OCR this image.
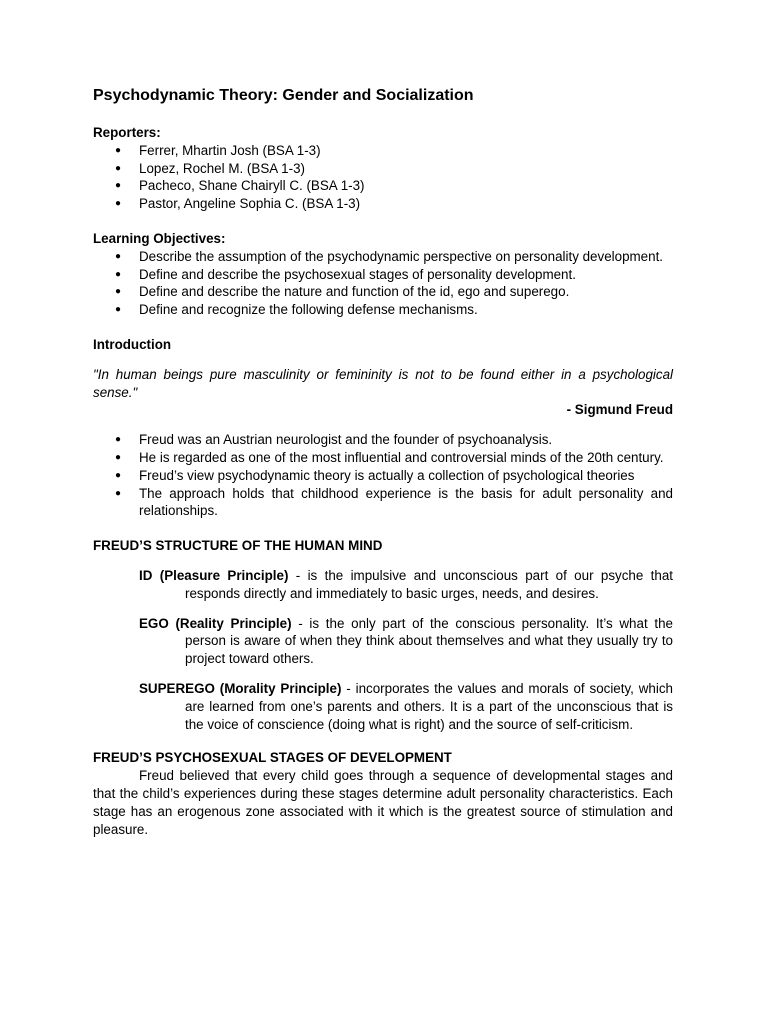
Psychodynamic Theory: Gender and Socialization

Reporters:

● Ferrer, Mhartin Josh (BSA 1-3)
● Lopez, Rochel M. (BSA 1-3)
● Pacheco, Shane Chairyll C. (BSA 1-3)
● Pastor, Angeline Sophia C. (BSA 1-3)

Learning Objectives:

● Describe the assumption of the psychodynamic perspective on personality development.
● Define and describe the psychosexual stages of personality development.
● Define and describe the nature and function of the id, ego and superego.
● Define and recognize the following defense mechanisms.

Introduction

"In human beings pure masculinity or femininity is not to be found either in a psychological sense."

- Sigmund Freud

● Freud was an Austrian neurologist and the founder of psychoanalysis.
● He is regarded as one of the most influential and controversial minds of the 20th century.
● Freud’s view psychodynamic theory is actually a collection of psychological theories
● The approach holds that childhood experience is the basis for adult personality and relationships.

FREUD’S STRUCTURE OF THE HUMAN MIND

ID (Pleasure Principle) - is the impulsive and unconscious part of our psyche that responds directly and immediately to basic urges, needs, and desires.

EGO (Reality Principle) - is the only part of the conscious personality. It’s what the person is aware of when they think about themselves and what they usually try to project toward others.

SUPEREGO (Morality Principle) - incorporates the values and morals of society, which are learned from one’s parents and others. It is a part of the unconscious that is the voice of conscience (doing what is right) and the source of self-criticism.

FREUD’S PSYCHOSEXUAL STAGES OF DEVELOPMENT

Freud believed that every child goes through a sequence of developmental stages and that the child’s experiences during these stages determine adult personality characteristics. Each stage has an erogenous zone associated with it which is the greatest source of stimulation and pleasure.
